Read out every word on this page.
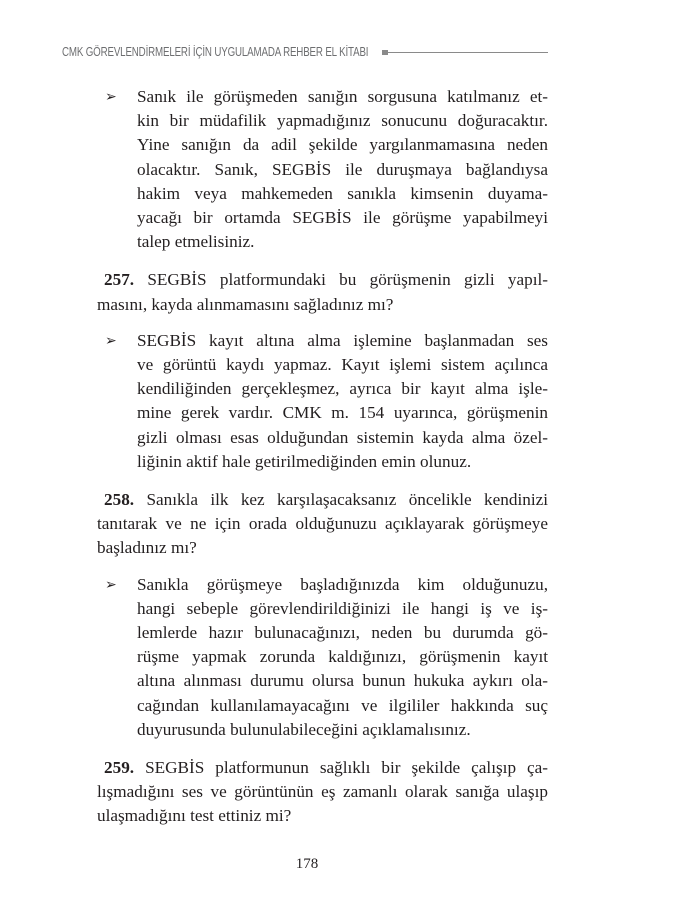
CMK GÖREVLENDİRMELERİ İÇİN UYGULAMADA REHBER EL KİTABI
➢ Sanık ile görüşmeden sanığın sorgusuna katılmanız et-
kin bir müdafilik yapmadığınız sonucunu doğuracaktır.
Yine sanığın da adil şekilde yargılanmamasına neden
olacaktır. Sanık, SEGBİS ile duruşmaya bağlandıysa
hakim veya mahkemeden sanıkla kimsenin duyama-
yacağı bir ortamda SEGBİS ile görüşme yapabilmeyi
talep etmelisiniz.
257. SEGBİS platformundaki bu görüşmenin gizli yapıl-
masını, kayda alınmamasını sağladınız mı?
➢ SEGBİS kayıt altına alma işlemine başlanmadan ses
ve görüntü kaydı yapmaz. Kayıt işlemi sistem açılınca
kendiliğinden gerçekleşmez, ayrıca bir kayıt alma işle-
mine gerek vardır. CMK m. 154 uyarınca, görüşmenin
gizli olması esas olduğundan sistemin kayda alma özel-
liğinin aktif hale getirilmediğinden emin olunuz.
258. Sanıkla ilk kez karşılaşacaksanız öncelikle kendinizi
tanıtarak ve ne için orada olduğunuzu açıklayarak görüşmeye
başladınız mı?
➢ Sanıkla görüşmeye başladığınızda kim olduğunuzu,
hangi sebeple görevlendirildiğinizi ile hangi iş ve iş-
lemlerde hazır bulunacağınızı, neden bu durumda gö-
rüşme yapmak zorunda kaldığınızı, görüşmenin kayıt
altına alınması durumu olursa bunun hukuka aykırı ola-
cağından kullanılamayacağını ve ilgililer hakkında suç
duyurusunda bulunulabileceğini açıklamalısınız.
259. SEGBİS platformunun sağlıklı bir şekilde çalışıp ça-
lışmadığını ses ve görüntünün eş zamanlı olarak sanığa ulaşıp
ulaşmadığını test ettiniz mi?
178
